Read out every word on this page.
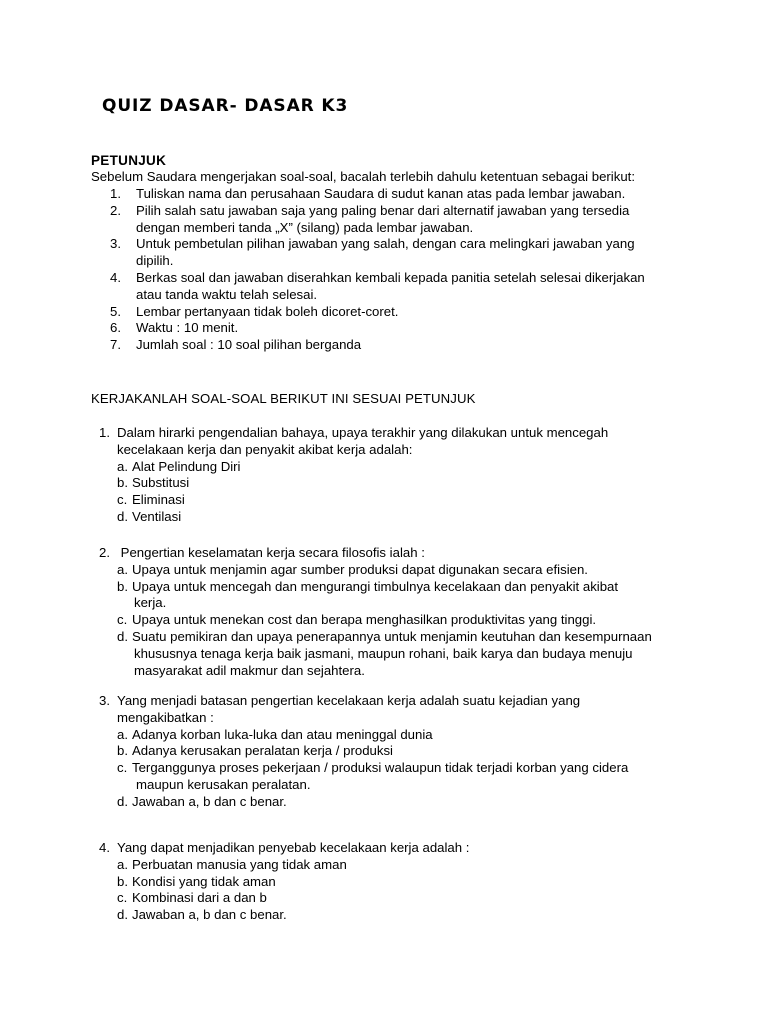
QUIZ DASAR- DASAR K3
PETUNJUK
Sebelum Saudara mengerjakan soal-soal, bacalah terlebih dahulu ketentuan sebagai berikut:
1.	Tuliskan nama dan perusahaan Saudara di sudut kanan atas pada lembar jawaban.
2.	Pilih salah satu jawaban saja yang paling benar dari alternatif jawaban yang tersedia
dengan memberi tanda „X” (silang) pada lembar jawaban.
3.	Untuk pembetulan pilihan jawaban yang salah, dengan cara melingkari jawaban yang
dipilih.
4.	Berkas soal dan jawaban diserahkan kembali kepada panitia setelah selesai dikerjakan
atau tanda waktu telah selesai.
5.	Lembar pertanyaan tidak boleh dicoret-coret.
6.	Waktu : 10 menit.
7.	Jumlah soal : 10 soal pilihan berganda
KERJAKANLAH SOAL-SOAL BERIKUT INI SESUAI PETUNJUK
1. Dalam hirarki pengendalian bahaya, upaya terakhir yang dilakukan untuk mencegah
kecelakaan kerja dan penyakit akibat kerja adalah:
a. Alat Pelindung Diri
b. Substitusi
c. Eliminasi
d. Ventilasi
2. Pengertian keselamatan kerja secara filosofis ialah :
a. Upaya untuk menjamin agar sumber produksi dapat digunakan secara efisien.
b. Upaya untuk mencegah dan mengurangi timbulnya kecelakaan dan penyakit akibat
kerja.
c. Upaya untuk menekan cost dan berapa menghasilkan produktivitas yang tinggi.
d. Suatu pemikiran dan upaya penerapannya untuk menjamin keutuhan dan kesempurnaan
khususnya tenaga kerja baik jasmani, maupun rohani, baik karya dan budaya menuju
masyarakat adil makmur dan sejahtera.
3. Yang menjadi batasan pengertian kecelakaan kerja adalah suatu kejadian yang
mengakibatkan :
a. Adanya korban luka-luka dan atau meninggal dunia
b. Adanya kerusakan peralatan kerja / produksi
c. Terganggunya proses pekerjaan / produksi walaupun tidak terjadi korban yang cidera
maupun kerusakan peralatan.
d. Jawaban a, b dan c benar.
4. Yang dapat menjadikan penyebab kecelakaan kerja adalah :
a. Perbuatan manusia yang tidak aman
b. Kondisi yang tidak aman
c. Kombinasi dari a dan b
d. Jawaban a, b dan c benar.
